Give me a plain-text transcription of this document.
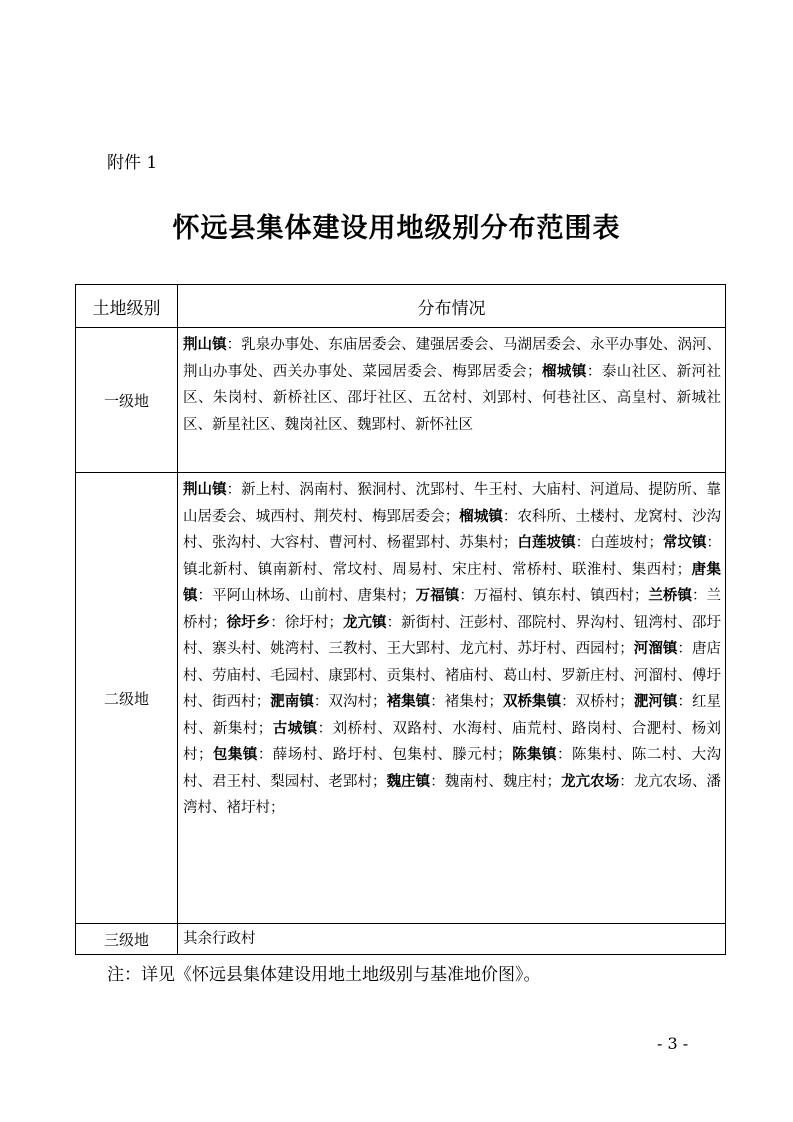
附件 1
怀远县集体建设用地级别分布范围表
土地级别	分布情况
一级地	荆山镇：乳泉办事处、东庙居委会、建强居委会、马湖居委会、永平办事处、涡河、荆山办事处、西关办事处、菜园居委会、梅郢居委会；榴城镇：泰山社区、新河社区、朱岗村、新桥社区、邵圩社区、五岔村、刘郢村、何巷社区、高皇村、新城社区、新星社区、魏岗社区、魏郢村、新怀社区
二级地	荆山镇：新上村、涡南村、猴洞村、沈郢村、牛王村、大庙村、河道局、提防所、靠山居委会、城西村、荆芡村、梅郢居委会；榴城镇：农科所、土楼村、龙窝村、沙沟村、张沟村、大容村、曹河村、杨翟郢村、苏集村；白莲坡镇：白莲坡村；常坟镇：镇北新村、镇南新村、常坟村、周易村、宋庄村、常桥村、联淮村、集西村；唐集镇：平阿山林场、山前村、唐集村；万福镇：万福村、镇东村、镇西村；兰桥镇：兰桥村；徐圩乡：徐圩村；龙亢镇：新街村、汪彭村、邵院村、界沟村、钮湾村、邵圩村、寨头村、姚湾村、三教村、王大郢村、龙亢村、苏圩村、西园村；河溜镇：唐店村、劳庙村、毛园村、康郢村、贡集村、褚庙村、葛山村、罗新庄村、河溜村、傅圩村、街西村；淝南镇：双沟村；褚集镇：褚集村；双桥集镇：双桥村；淝河镇：红星村、新集村；古城镇：刘桥村、双路村、水海村、庙荒村、路岗村、合淝村、杨刘村；包集镇：薛场村、路圩村、包集村、滕元村；陈集镇：陈集村、陈二村、大沟村、君王村、梨园村、老郢村；魏庄镇：魏南村、魏庄村；龙亢农场：龙亢农场、潘湾村、褚圩村；
三级地	其余行政村
注：详见《怀远县集体建设用地土地级别与基准地价图》。
- 3 -
